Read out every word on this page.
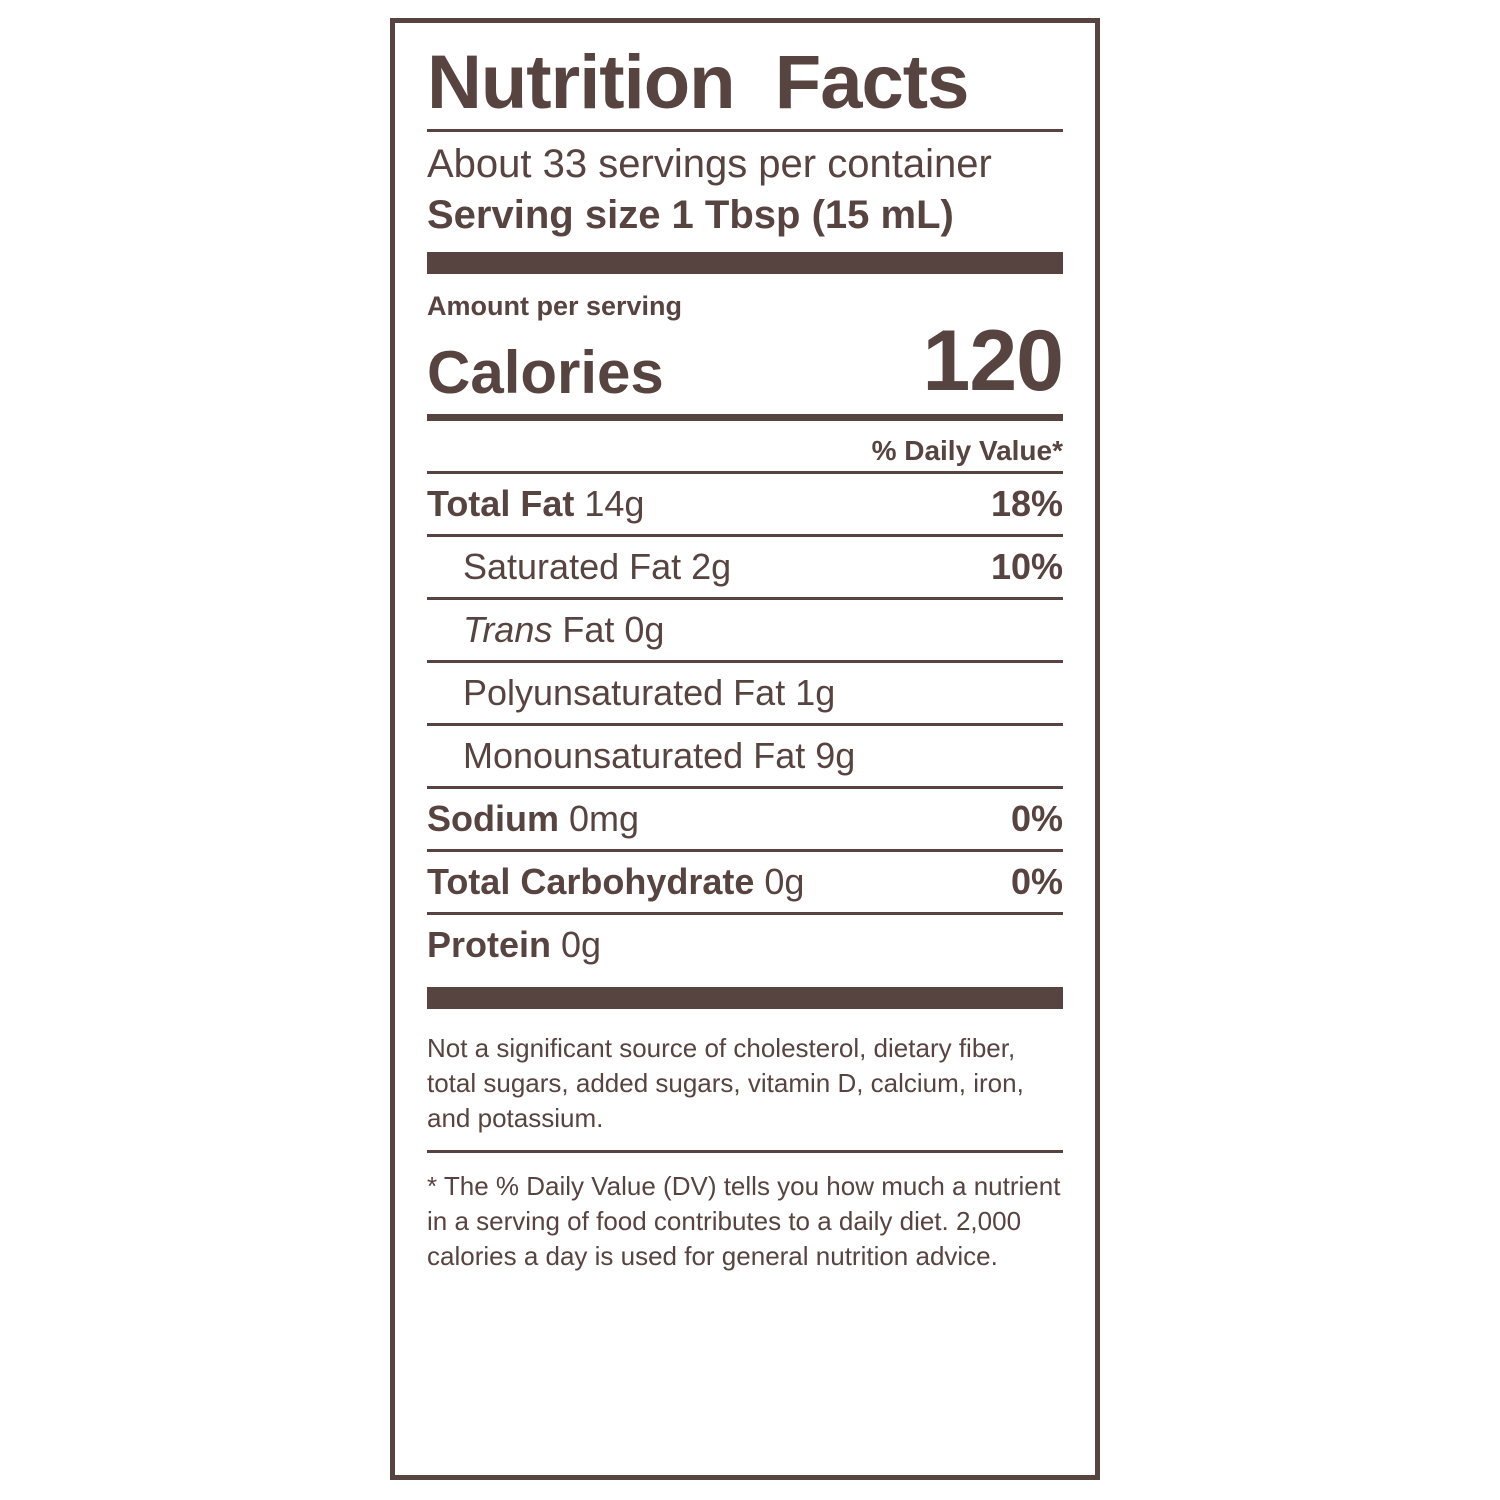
Nutrition  Facts
About 33 servings per container
Serving size 1 Tbsp (15 mL)
Amount per serving
Calories	120
% Daily Value*
Total Fat 14g	18%
Saturated Fat 2g	10%
Trans Fat 0g
Polyunsaturated Fat 1g
Monounsaturated Fat 9g
Sodium 0mg	0%
Total Carbohydrate 0g	0%
Protein 0g
Not a significant source of cholesterol, dietary fiber, total sugars, added sugars, vitamin D, calcium, iron, and potassium.
* The % Daily Value (DV) tells you how much a nutrient in a serving of food contributes to a daily diet. 2,000 calories a day is used for general nutrition advice.
